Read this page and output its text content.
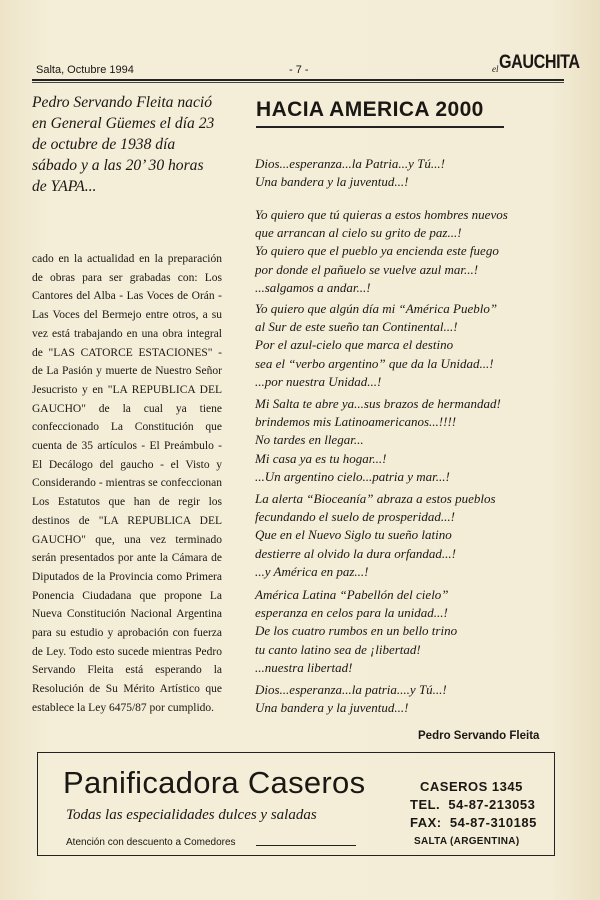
Salta, Octubre 1994	- 7 -	elGAUCHITA
Pedro Servando Fleita nació en General Güemes el día 23 de octubre de 1938 día sábado y a las 20’ 30 horas de YAPA...
cado en la actualidad en la preparación de obras para ser grabadas con: Los Cantores del Alba - Las Voces de Orán - Las Voces del Bermejo entre otros, a su vez está trabajando en una obra integral de "LAS CATORCE ESTACIONES" - de La Pasión y muerte de Nuestro Señor Jesucristo y en "LA REPUBLICA DEL GAUCHO" de la cual ya tiene confeccionado La Constitución que cuenta de 35 artículos - El Preámbulo - El Decálogo del gaucho - el Visto y Considerando - mientras se confeccionan Los Estatutos que han de regir los destinos de "LA REPUBLICA DEL GAUCHO" que, una vez terminado serán presentados por ante la Cámara de Diputados de la Provincia como Primera Ponencia Ciudadana que propone La Nueva Constitución Nacional Argentina para su estudio y aprobación con fuerza de Ley. Todo esto sucede mientras Pedro Servando Fleita está esperando la Resolución de Su Mérito Artístico que establece la Ley 6475/87 por cumplido.
HACIA AMERICA 2000
Dios...esperanza...la Patria...y Tú...!
Una bandera y la juventud...!
Yo quiero que tú quieras a estos hombres nuevos
que arrancan al cielo su grito de paz...!
Yo quiero que el pueblo ya encienda este fuego
por donde el pañuelo se vuelve azul mar...!
...salgamos a andar...!
Yo quiero que algún día mi “América Pueblo”
al Sur de este sueño tan Continental...!
Por el azul-cielo que marca el destino
sea el “verbo argentino” que da la Unidad...!
...por nuestra Unidad...!
Mi Salta te abre ya...sus brazos de hermandad!
brindemos mis Latinoamericanos...!!!!
No tardes en llegar...
Mi casa ya es tu hogar...!
...Un argentino cielo...patria y mar...!
La alerta “Bioceanía” abraza a estos pueblos
fecundando el suelo de prosperidad...!
Que en el Nuevo Siglo tu sueño latino
destierre al olvido la dura orfandad...!
...y América en paz...!
América Latina “Pabellón del cielo”
esperanza en celos para la unidad...!
De los cuatro rumbos en un bello trino
tu canto latino sea de ¡libertad!
...nuestra libertad!
Dios...esperanza...la patria....y Tú...!
Una bandera y la juventud...!
Pedro Servando Fleita
Panificadora Caseros
Todas las especialidades dulces y saladas
Atención con descuento a Comedores
CASEROS 1345
TEL. 54-87-213053
FAX: 54-87-310185
SALTA (ARGENTINA)
